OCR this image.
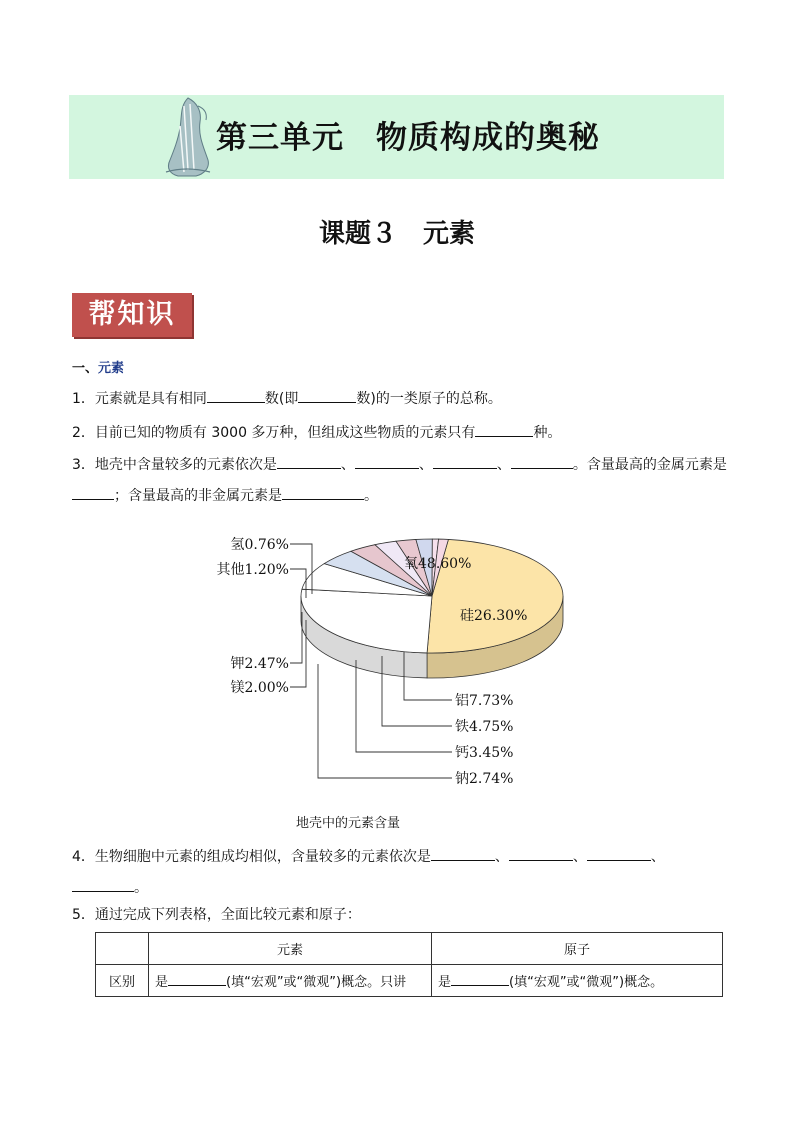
第三单元　物质构成的奥秘
课题３　元素
帮知识
一、元素
1．元素就是具有相同	数(即	数)的一类原子的总称。
2．目前已知的物质有 3000 多万种，但组成这些物质的元素只有	种。
3．地壳中含量较多的元素依次是	、	、	、	。含量最高的金属元素是
；含量最高的非金属元素是	。
氧48.60%
硅26.30%
铝7.73%
铁4.75%
钙3.45%
钠2.74%
氢0.76%
其他1.20%
钾2.47%
镁2.00%
地壳中的元素含量
4．生物细胞中元素的组成均相似，含量较多的元素依次是	、	、	、
。
5．通过完成下列表格，全面比较元素和原子：
	元素	原子
区别	是 (填“宏观”或“微观”)概念。只讲	是 (填“宏观”或“微观”)概念。
